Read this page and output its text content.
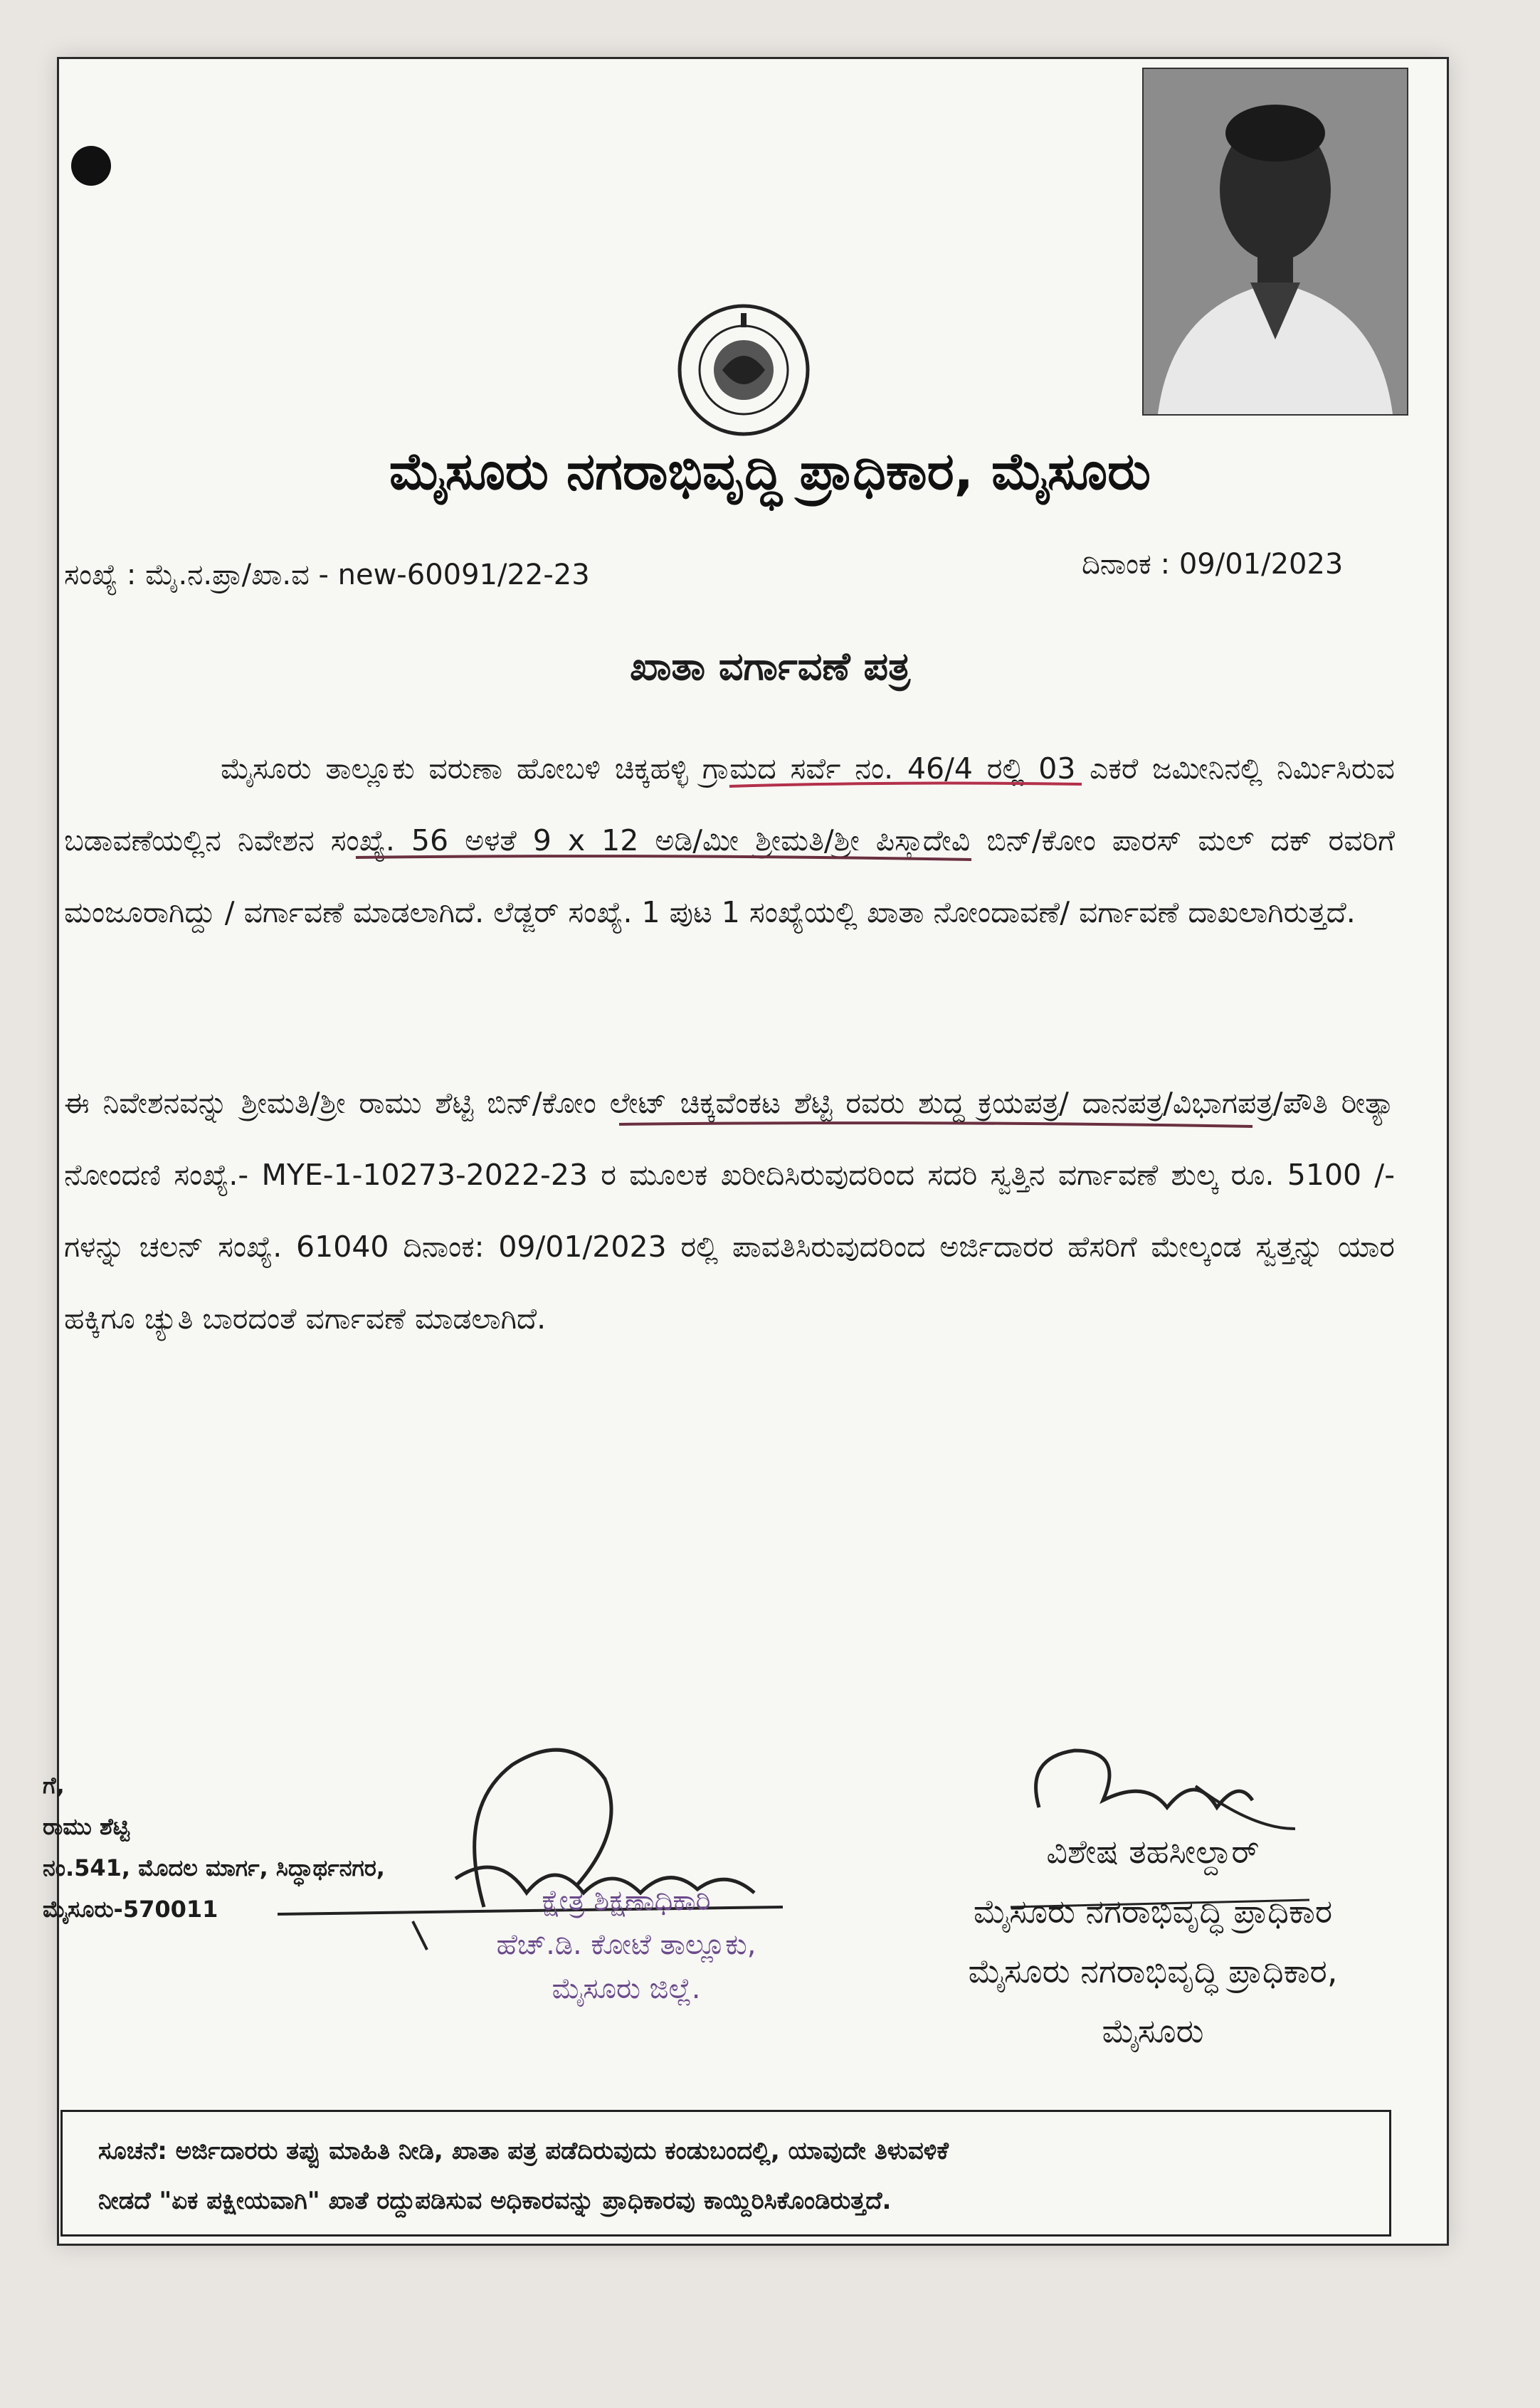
ಮೈಸೂರು ನಗರಾಭಿವೃದ್ಧಿ ಪ್ರಾಧಿಕಾರ, ಮೈಸೂರು
ಸಂಖ್ಯೆ : ಮೈ.ನ.ಪ್ರಾ/ಖಾ.ವ - new-60091/22-23	ದಿನಾಂಕ : 09/01/2023
ಖಾತಾ ವರ್ಗಾವಣೆ ಪತ್ರ

ಮೈಸೂರು ತಾಲ್ಲೂಕು ವರುಣಾ ಹೋಬಳಿ ಚಿಕ್ಕಹಳ್ಳಿ ಗ್ರಾಮದ ಸರ್ವೆ ನಂ. 46/4 ರಲ್ಲಿ 03 ಎಕರೆ ಜಮೀನಿನಲ್ಲಿ ನಿರ್ಮಿಸಿರುವ ಬಡಾವಣೆಯಲ್ಲಿನ ನಿವೇಶನ ಸಂಖ್ಯೆ. 56 ಅಳತೆ 9 x 12 ಅಡಿ/ಮೀ ಶ್ರೀಮತಿ/ಶ್ರೀ ಪಿಸ್ತಾದೇವಿ ಬಿನ್/ಕೋಂ ಪಾರಸ್ ಮಲ್ ದಕ್ ರವರಿಗೆ ಮಂಜೂರಾಗಿದ್ದು / ವರ್ಗಾವಣೆ ಮಾಡಲಾಗಿದೆ. ಲೆಡ್ಜರ್ ಸಂಖ್ಯೆ. 1 ಪುಟ 1 ಸಂಖ್ಯೆಯಲ್ಲಿ ಖಾತಾ ನೋಂದಾವಣೆ/ ವರ್ಗಾವಣೆ ದಾಖಲಾಗಿರುತ್ತದೆ.

ಈ ನಿವೇಶನವನ್ನು ಶ್ರೀಮತಿ/ಶ್ರೀ ರಾಮು ಶೆಟ್ಟಿ ಬಿನ್/ಕೋಂ ಲೇಟ್ ಚಿಕ್ಕವೆಂಕಟ ಶೆಟ್ಟಿ ರವರು ಶುದ್ಧ ಕ್ರಯಪತ್ರ/ ದಾನಪತ್ರ/ವಿಭಾಗಪತ್ರ/ಪೌತಿ ರೀತ್ಯಾ ನೋಂದಣಿ ಸಂಖ್ಯೆ.- MYE-1-10273-2022-23 ರ ಮೂಲಕ ಖರೀದಿಸಿರುವುದರಿಂದ ಸದರಿ ಸ್ವತ್ತಿನ ವರ್ಗಾವಣೆ ಶುಲ್ಕ ರೂ. 5100 /- ಗಳನ್ನು ಚಲನ್ ಸಂಖ್ಯೆ. 61040 ದಿನಾಂಕ: 09/01/2023 ರಲ್ಲಿ ಪಾವತಿಸಿರುವುದರಿಂದ ಅರ್ಜಿದಾರರ ಹೆಸರಿಗೆ ಮೇಲ್ಕಂಡ ಸ್ವತ್ತನ್ನು ಯಾರ ಹಕ್ಕಿಗೂ ಚ್ಯುತಿ ಬಾರದಂತೆ ವರ್ಗಾವಣೆ ಮಾಡಲಾಗಿದೆ.

ಗೆ,
ರಾಮು ಶೆಟ್ಟಿ
ನಂ.541, ಮೊದಲ ಮಾರ್ಗ, ಸಿದ್ಧಾರ್ಥನಗರ,
ಮೈಸೂರು-570011	ಕ್ಷೇತ್ರ ಶಿಕ್ಷಣಾಧಿಕಾರಿ
ಹೆಚ್.ಡಿ. ಕೋಟೆ ತಾಲ್ಲೂಕು,
ಮೈಸೂರು ಜಿಲ್ಲೆ.
ವಿಶೇಷ ತಹಸೀಲ್ದಾರ್
ಮೈಸೂರು ನಗರಾಭಿವೃದ್ಧಿ ಪ್ರಾಧಿಕಾರ
ಮೈಸೂರು ನಗರಾಭಿವೃದ್ಧಿ ಪ್ರಾಧಿಕಾರ,
ಮೈಸೂರು
ಸೂಚನೆ: ಅರ್ಜಿದಾರರು ತಪ್ಪು ಮಾಹಿತಿ ನೀಡಿ, ಖಾತಾ ಪತ್ರ ಪಡೆದಿರುವುದು ಕಂಡುಬಂದಲ್ಲಿ, ಯಾವುದೇ ತಿಳುವಳಿಕೆ
ನೀಡದೆ "ಏಕ ಪಕ್ಷೀಯವಾಗಿ" ಖಾತೆ ರದ್ದುಪಡಿಸುವ ಅಧಿಕಾರವನ್ನು ಪ್ರಾಧಿಕಾರವು ಕಾಯ್ದಿರಿಸಿಕೊಂಡಿರುತ್ತದೆ.
